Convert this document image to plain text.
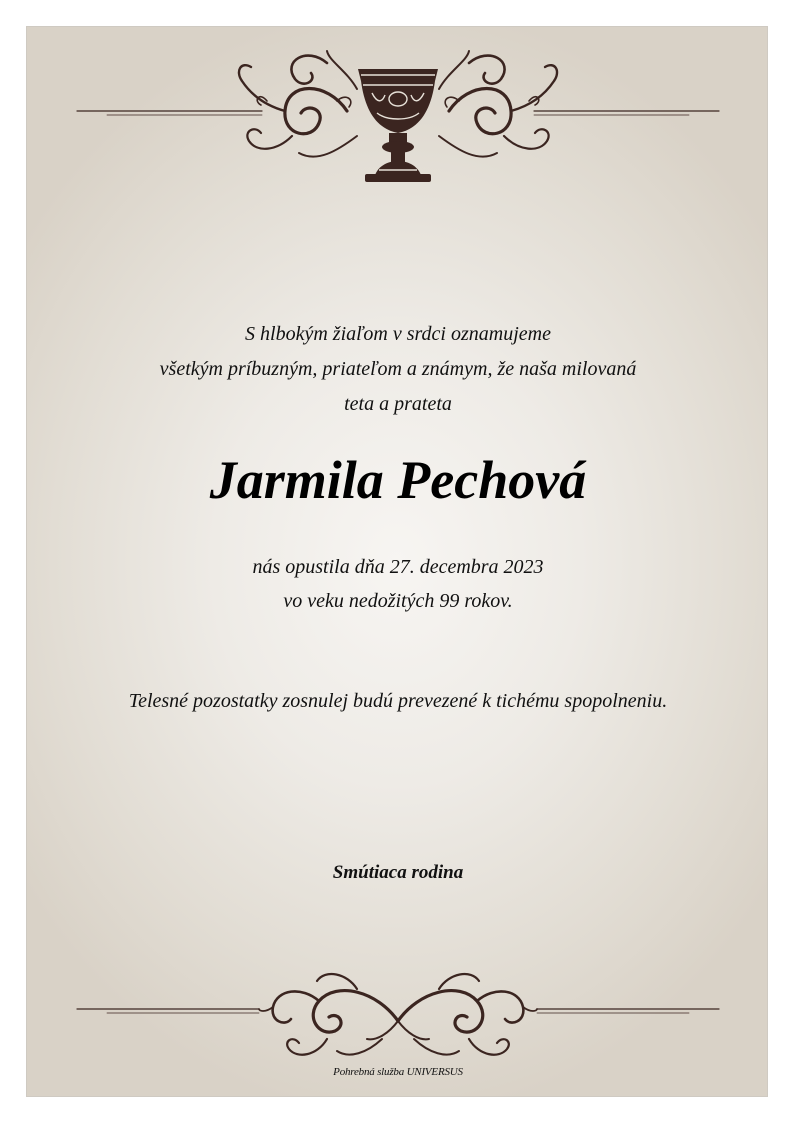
S hlbokým žiaľom v srdci oznamujeme
všetkým príbuzným, priateľom a známym, že naša milovaná
teta a prateta

Jarmila Pechová

nás opustila dňa 27. decembra 2023
vo veku nedožitých 99 rokov.

Telesné pozostatky zosnulej budú prevezené k tichému spopolneniu.

Smútiaca rodina

Pohrebná služba UNIVERSUS
